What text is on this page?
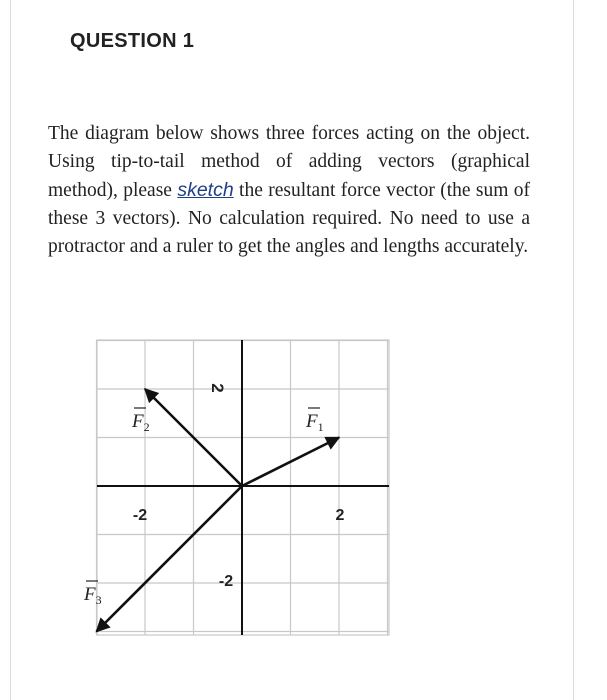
QUESTION 1
The diagram below shows three forces acting on the object. Using tip-to-tail method of adding vectors (graphical method), please sketch the resultant force vector (the sum of these 3 vectors). No calculation required. No need to use a protractor and a ruler to get the angles and lengths accurately.
2
-2
-2	2
$F_2$	$F_1$
$F_3$
